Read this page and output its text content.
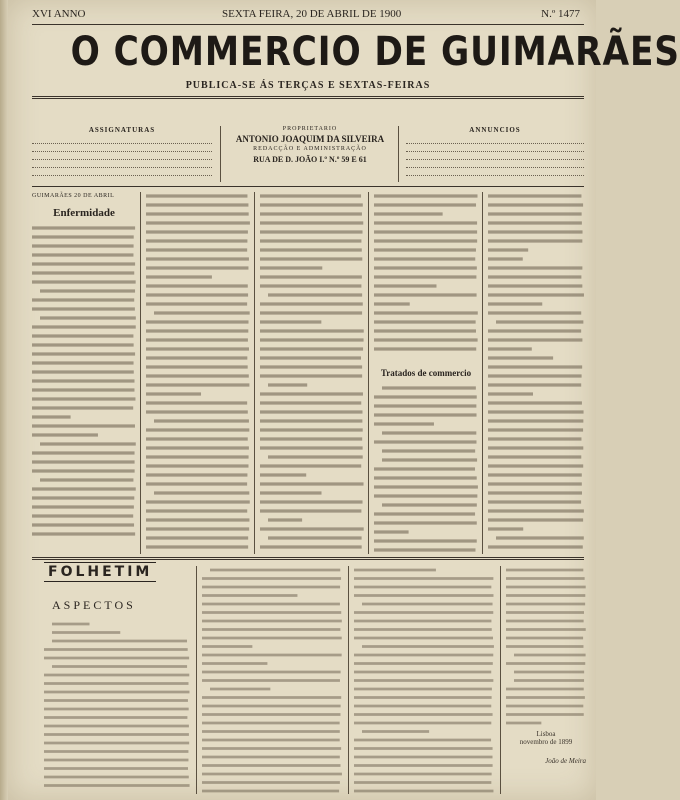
XVI ANNO	SEXTA FEIRA, 20 DE ABRIL DE 1900	N.º 1477
O COMMERCIO DE GUIMARÃES
PUBLICA-SE ÁS TERÇAS E SEXTAS-FEIRAS
ASSIGNATURAS	PROPRIETARIO
ANTONIO JOAQUIM DA SILVEIRA
REDACÇÃO E ADMINISTRAÇÃO
RUA DE D. JOÃO I.º N.º 59 E 61
ANNUNCIOS
GUIMARÃES 20 DE ABRIL
Enfermidade
Tratados de commercio
FOLHETIM
ASPECTOS
Lisboa
novembro de 1899
João de Meira
